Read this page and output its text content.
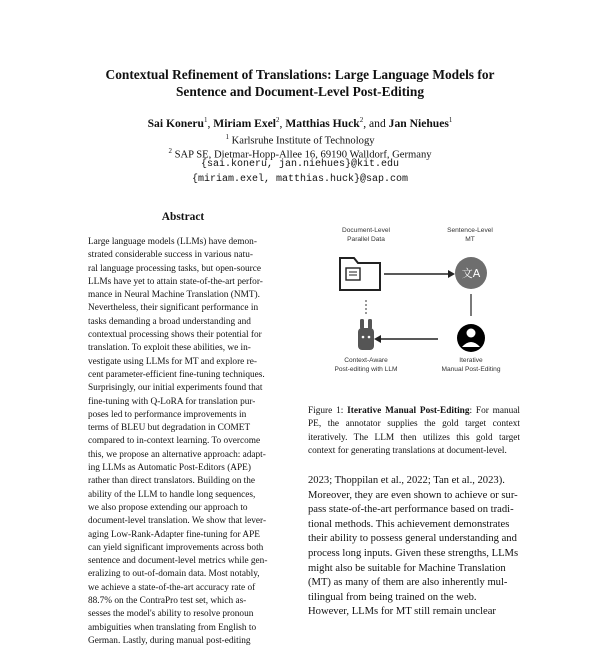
Contextual Refinement of Translations: Large Language Models for
Sentence and Document-Level Post-Editing
Sai Koneru$^1$, Miriam Exel$^2$, Matthias Huck$^2$, and Jan Niehues$^1$
$^1$ Karlsruhe Institute of Technology
$^2$ SAP SE, Dietmar-Hopp-Allee 16, 69190 Walldorf, Germany
{sai.koneru, jan.niehues}@kit.edu
{miriam.exel, matthias.huck}@sap.com
Abstract
Large language models (LLMs) have demon-
strated considerable success in various natu-
ral language processing tasks, but open-source
LLMs have yet to attain state-of-the-art perfor-
mance in Neural Machine Translation (NMT).
Nevertheless, their significant performance in
tasks demanding a broad understanding and
contextual processing shows their potential for
translation. To exploit these abilities, we in-
vestigate using LLMs for MT and explore re-
cent parameter-efficient fine-tuning techniques.
Surprisingly, our initial experiments found that
fine-tuning with Q-LoRA for translation pur-
poses led to performance improvements in
terms of BLEU but degradation in COMET
compared to in-context learning. To overcome
this, we propose an alternative approach: adapt-
ing LLMs as Automatic Post-Editors (APE)
rather than direct translators. Building on the
ability of the LLM to handle long sequences,
we also propose extending our approach to
document-level translation. We show that lever-
aging Low-Rank-Adapter fine-tuning for APE
can yield significant improvements across both
sentence and document-level metrics while gen-
eralizing to out-of-domain data. Most notably,
we achieve a state-of-the-art accuracy rate of
88.7% on the ContraPro test set, which as-
sesses the model's ability to resolve pronoun
ambiguities when translating from English to
German. Lastly, during manual post-editing
Document-Level
Parallel Data
Sentence-Level
MT
文A
Context-Aware
Post-editing with LLM
Iterative
Manual Post-Editing
Figure 1: Iterative Manual Post-Editing: For manual PE, the annotator supplies the gold target context iteratively. The LLM then utilizes this gold target context for generating translations at document-level.
2023; Thoppilan et al., 2022; Tan et al., 2023).
Moreover, they are even shown to achieve or sur-
pass state-of-the-art performance based on tradi-
tional methods. This achievement demonstrates
their ability to possess general understanding and
process long inputs. Given these strengths, LLMs
might also be suitable for Machine Translation
(MT) as many of them are also inherently mul-
tilingual from being trained on the web.
However, LLMs for MT still remain unclear
